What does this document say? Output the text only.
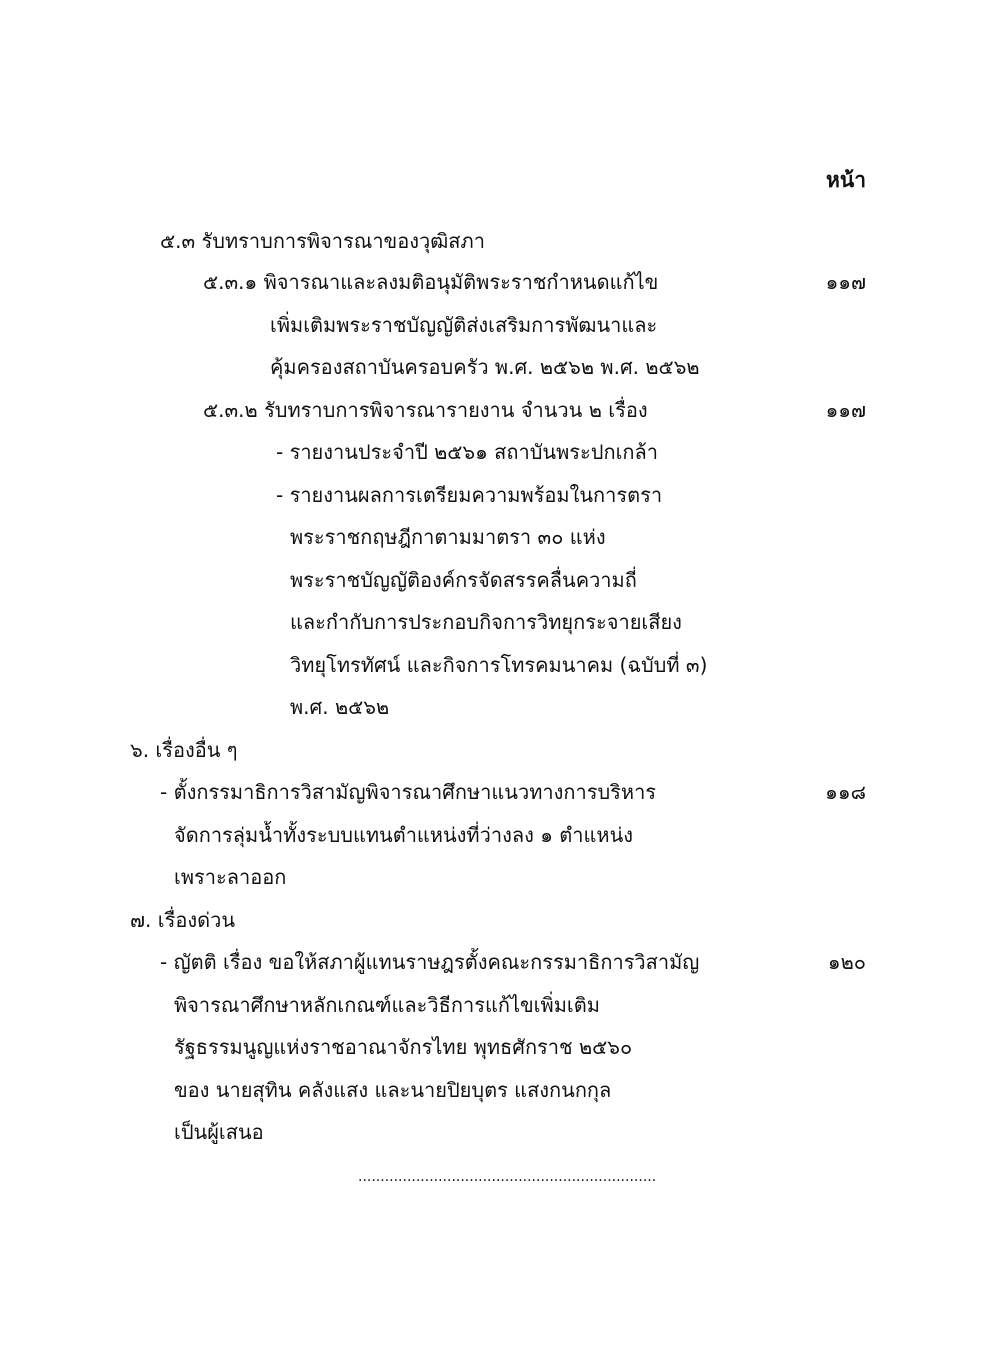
หน้า
๕.๓ รับทราบการพิจารณาของวุฒิสภา
๕.๓.๑ พิจารณาและลงมติอนุมัติพระราชกำหนดแก้ไข	๑๑๗
เพิ่มเติมพระราชบัญญัติส่งเสริมการพัฒนาและ
คุ้มครองสถาบันครอบครัว พ.ศ. ๒๕๖๒ พ.ศ. ๒๕๖๒
๕.๓.๒ รับทราบการพิจารณารายงาน จำนวน ๒ เรื่อง	๑๑๗
- รายงานประจำปี ๒๕๖๑ สถาบันพระปกเกล้า
- รายงานผลการเตรียมความพร้อมในการตรา
พระราชกฤษฎีกาตามมาตรา ๓๐ แห่ง
พระราชบัญญัติองค์กรจัดสรรคลื่นความถี่
และกำกับการประกอบกิจการวิทยุกระจายเสียง
วิทยุโทรทัศน์ และกิจการโทรคมนาคม (ฉบับที่ ๓)
พ.ศ. ๒๕๖๒
๖. เรื่องอื่น ๆ
- ตั้งกรรมาธิการวิสามัญพิจารณาศึกษาแนวทางการบริหาร	๑๑๘
จัดการลุ่มน้ำทั้งระบบแทนตำแหน่งที่ว่างลง ๑ ตำแหน่ง
เพราะลาออก
๗. เรื่องด่วน
- ญัตติ เรื่อง ขอให้สภาผู้แทนราษฎรตั้งคณะกรรมาธิการวิสามัญ	๑๒๐
พิจารณาศึกษาหลักเกณฑ์และวิธีการแก้ไขเพิ่มเติม
รัฐธรรมนูญแห่งราชอาณาจักรไทย พุทธศักราช ๒๕๖๐
ของ นายสุทิน คลังแสง และนายปิยบุตร แสงกนกกุล
เป็นผู้เสนอ
...................................................................
